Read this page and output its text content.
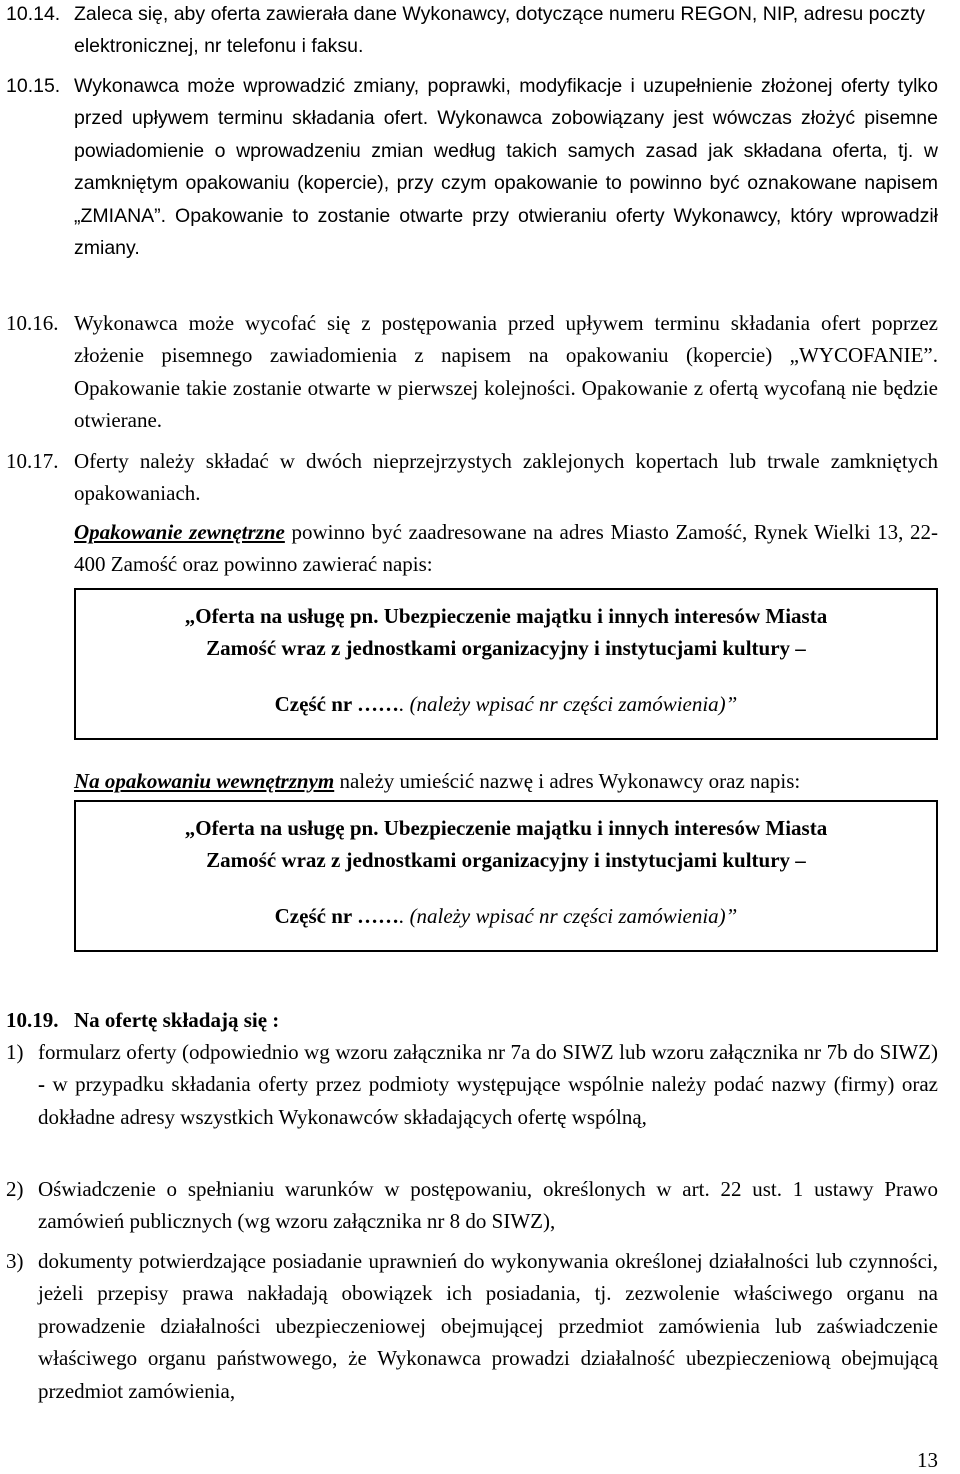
10.14. Zaleca się, aby oferta zawierała dane Wykonawcy, dotyczące numeru REGON, NIP, adresu poczty elektronicznej, nr telefonu i faksu.
10.15. Wykonawca może wprowadzić zmiany, poprawki, modyfikacje i uzupełnienie złożonej oferty tylko przed upływem terminu składania ofert. Wykonawca zobowiązany jest wówczas złożyć pisemne powiadomienie o wprowadzeniu zmian według takich samych zasad jak składana oferta, tj. w zamkniętym opakowaniu (kopercie), przy czym opakowanie to powinno być oznakowane napisem „ZMIANA”. Opakowanie to zostanie otwarte przy otwieraniu oferty Wykonawcy, który wprowadził zmiany.
10.16. Wykonawca może wycofać się z postępowania przed upływem terminu składania ofert poprzez złożenie pisemnego zawiadomienia z napisem na opakowaniu (kopercie) „WYCOFANIE”. Opakowanie takie zostanie otwarte w pierwszej kolejności. Opakowanie z ofertą wycofaną nie będzie otwierane.
10.17. Oferty należy składać w dwóch nieprzejrzystych zaklejonych kopertach lub trwale zamkniętych opakowaniach.
Opakowanie zewnętrzne powinno być zaadresowane na adres Miasto Zamość, Rynek Wielki 13, 22-400 Zamość oraz powinno zawierać napis:
„Oferta na usługę pn. Ubezpieczenie majątku i innych interesów Miasta
Zamość wraz z jednostkami organizacyjny i instytucjami kultury –
Część nr ……. (należy wpisać nr części zamówienia)”
Na opakowaniu wewnętrznym należy umieścić nazwę i adres Wykonawcy oraz napis:
„Oferta na usługę pn. Ubezpieczenie majątku i innych interesów Miasta
Zamość wraz z jednostkami organizacyjny i instytucjami kultury –
Część nr ……. (należy wpisać nr części zamówienia)”
10.19. Na ofertę składają się :
1) formularz oferty (odpowiednio wg wzoru załącznika nr 7a do SIWZ lub wzoru załącznika nr 7b do SIWZ) - w przypadku składania oferty przez podmioty występujące wspólnie należy podać nazwy (firmy) oraz dokładne adresy wszystkich Wykonawców składających ofertę wspólną,
2) Oświadczenie o spełnianiu warunków w postępowaniu, określonych w art. 22 ust. 1 ustawy Prawo zamówień publicznych (wg wzoru załącznika nr 8 do SIWZ),
3) dokumenty potwierdzające posiadanie uprawnień do wykonywania określonej działalności lub czynności, jeżeli przepisy prawa nakładają obowiązek ich posiadania, tj. zezwolenie właściwego organu na prowadzenie działalności ubezpieczeniowej obejmującej przedmiot zamówienia lub zaświadczenie właściwego organu państwowego, że Wykonawca prowadzi działalność ubezpieczeniową obejmującą przedmiot zamówienia,
13
